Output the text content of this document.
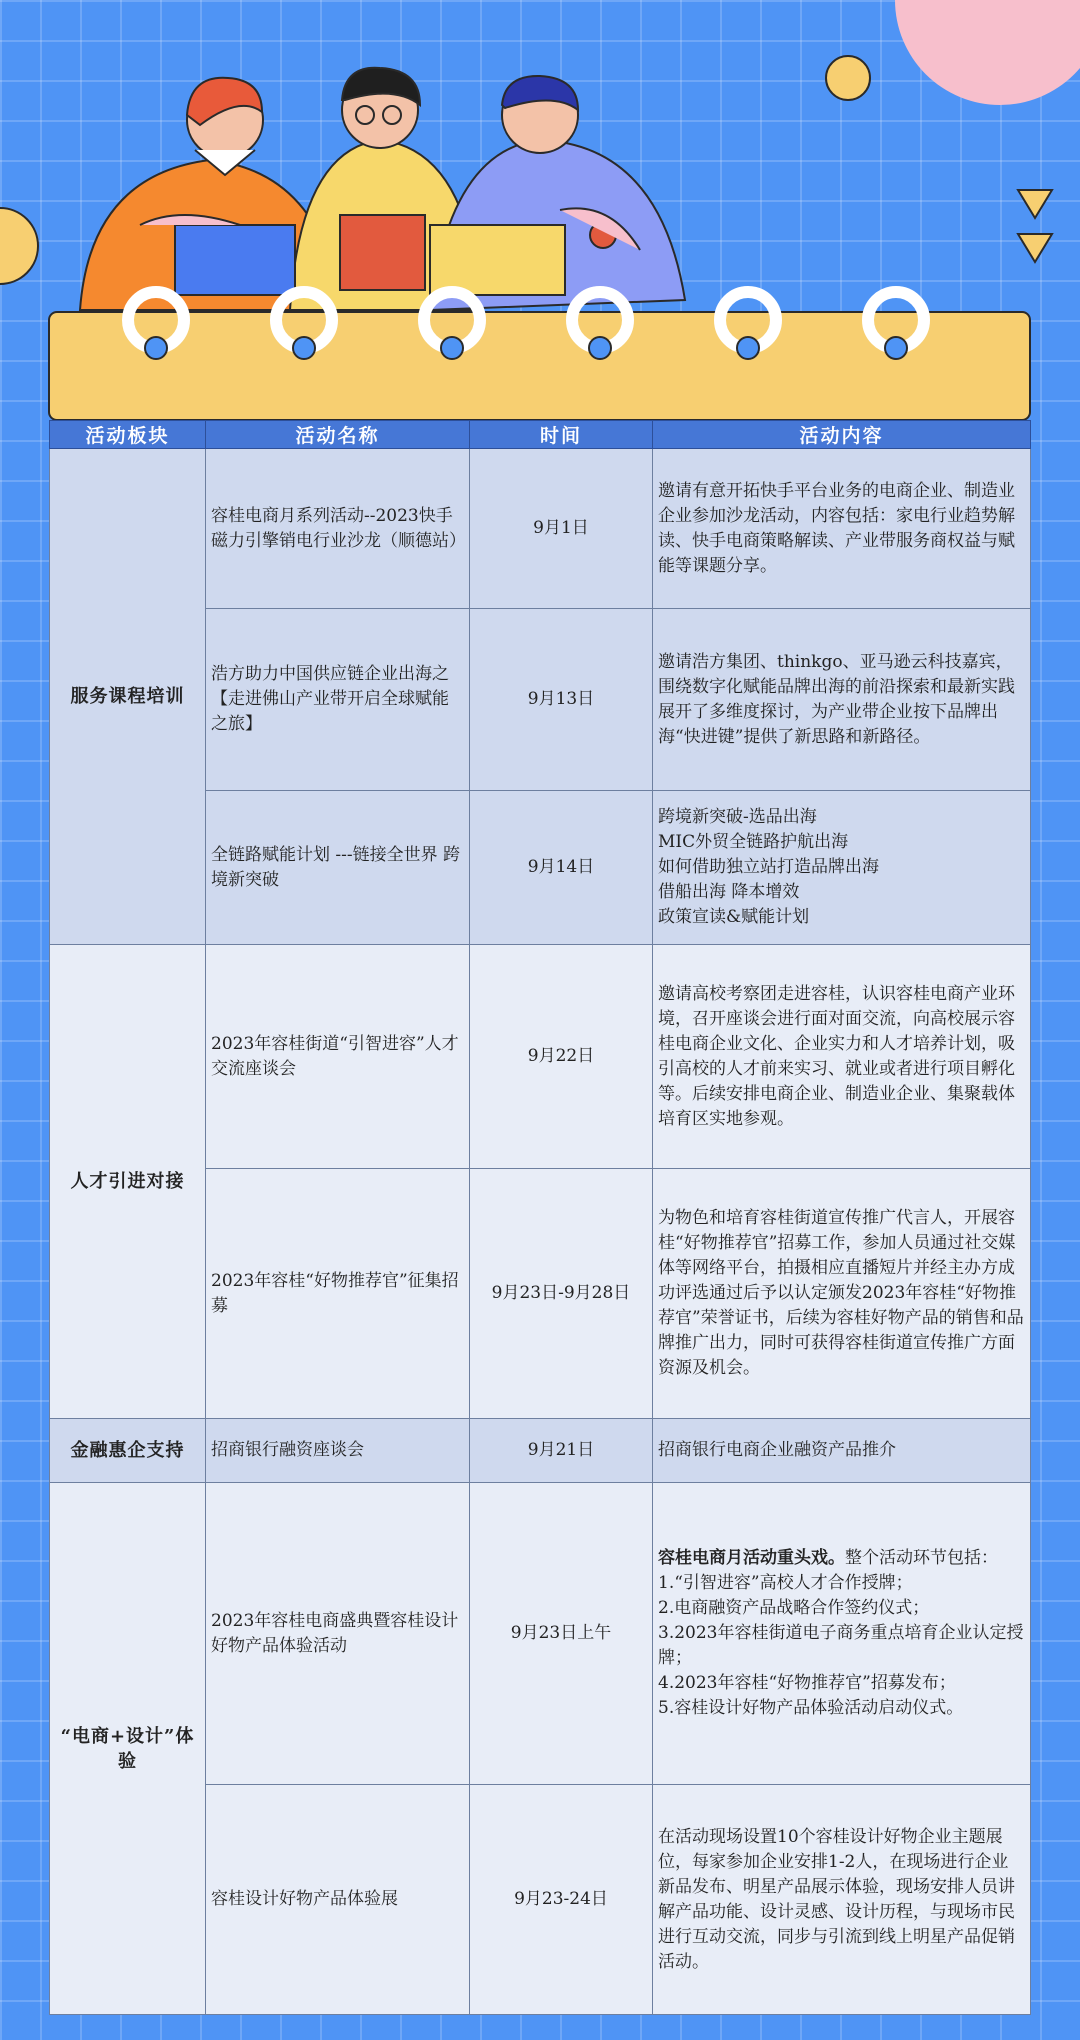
活动板块	活动名称	时间	活动内容
服务课程培训	容桂电商月系列活动--2023快手磁力引擎销电行业沙龙（顺德站）	9月1日	邀请有意开拓快手平台业务的电商企业、制造业企业参加沙龙活动，内容包括：家电行业趋势解读、快手电商策略解读、产业带服务商权益与赋能等课题分享。
	浩方助力中国供应链企业出海之【走进佛山产业带开启全球赋能之旅】	9月13日	邀请浩方集团、thinkgo、亚马逊云科技嘉宾，围绕数字化赋能品牌出海的前沿探索和最新实践展开了多维度探讨，为产业带企业按下品牌出海“快进键”提供了新思路和新路径。
	全链路赋能计划 ---链接全世界 跨境新突破	9月14日	跨境新突破-选品出海
MIC外贸全链路护航出海
如何借助独立站打造品牌出海
借船出海 降本增效
政策宣读&赋能计划

人才引进对接	2023年容桂街道“引智进容”人才交流座谈会	9月22日	邀请高校考察团走进容桂，认识容桂电商产业环境，召开座谈会进行面对面交流，向高校展示容桂电商企业文化、企业实力和人才培养计划，吸引高校的人才前来实习、就业或者进行项目孵化等。后续安排电商企业、制造业企业、集聚载体培育区实地参观。
	2023年容桂“好物推荐官”征集招募	9月23日-9月28日	为物色和培育容桂街道宣传推广代言人，开展容桂“好物推荐官”招募工作，参加人员通过社交媒体等网络平台，拍摄相应直播短片并经主办方成功评选通过后予以认定颁发2023年容桂“好物推荐官”荣誉证书，后续为容桂好物产品的销售和品牌推广出力，同时可获得容桂街道宣传推广方面资源及机会。
金融惠企支持	招商银行融资座谈会	9月21日	招商银行电商企业融资产品推介
“电商+设计”体验	2023年容桂电商盛典暨容桂设计好物产品体验活动	9月23日上午	容桂电商月活动重头戏。整个活动环节包括：1.“引智进容”高校人才合作授牌；
2.电商融资产品战略合作签约仪式；
3.2023年容桂街道电子商务重点培育企业认定授牌；
4.2023年容桂“好物推荐官”招募发布；
5.容桂设计好物产品体验活动启动仪式。

	容桂设计好物产品体验展	9月23-24日	在活动现场设置10个容桂设计好物企业主题展位，每家参加企业安排1-2人，在现场进行企业新品发布、明星产品展示体验，现场安排人员讲解产品功能、设计灵感、设计历程，与现场市民进行互动交流，同步与引流到线上明星产品促销活动。
